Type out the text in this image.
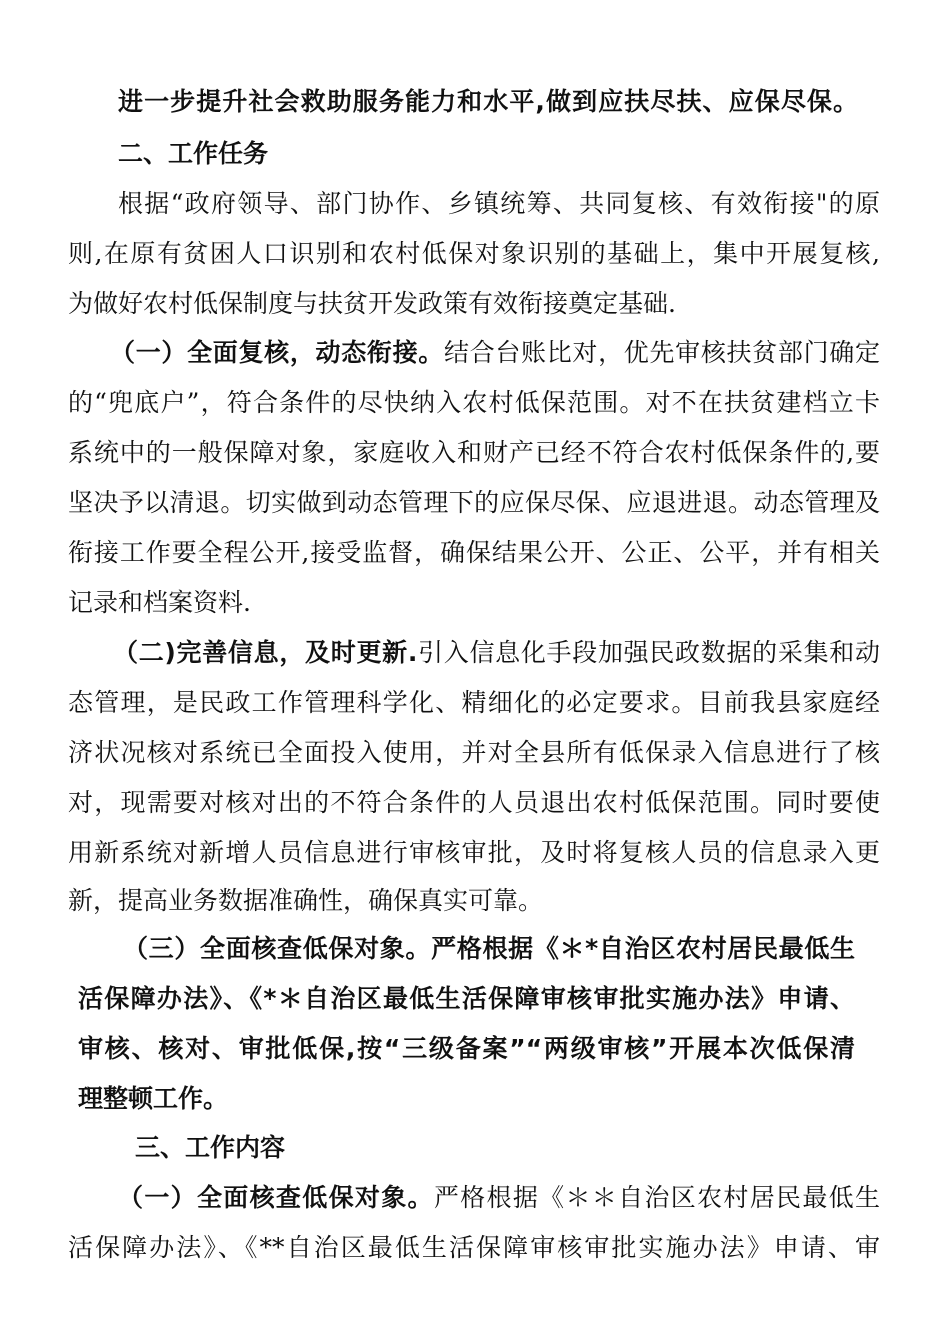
进一步提升社会救助服务能力和水平,做到应扶尽扶、应保尽保。
二、工作任务
根据“政府领导、部门协作、乡镇统筹、共同复核、有效衔接"的原
则,在原有贫困人口识别和农村低保对象识别的基础上，集中开展复核,
为做好农村低保制度与扶贫开发政策有效衔接奠定基础.
（一）全面复核，动态衔接。结合台账比对，优先审核扶贫部门确定
的“兜底户”，符合条件的尽快纳入农村低保范围。对不在扶贫建档立卡
系统中的一般保障对象，家庭收入和财产已经不符合农村低保条件的,要
坚决予以清退。切实做到动态管理下的应保尽保、应退进退。动态管理及
衔接工作要全程公开,接受监督，确保结果公开、公正、公平，并有相关
记录和档案资料.
（二)完善信息，及时更新.引入信息化手段加强民政数据的采集和动
态管理，是民政工作管理科学化、精细化的必定要求。目前我县家庭经
济状况核对系统已全面投入使用，并对全县所有低保录入信息进行了核
对，现需要对核对出的不符合条件的人员退出农村低保范围。同时要使
用新系统对新增人员信息进行审核审批，及时将复核人员的信息录入更
新，提高业务数据准确性，确保真实可靠。
（三）全面核查低保对象。严格根据《＊*自治区农村居民最低生
活保障办法》、《*＊自治区最低生活保障审核审批实施办法》申请、
审核、核对、审批低保,按“三级备案”“两级审核”开展本次低保清
理整顿工作。
三、工作内容
（一）全面核查低保对象。严格根据《＊＊自治区农村居民最低生
活保障办法》、《**自治区最低生活保障审核审批实施办法》申请、审
